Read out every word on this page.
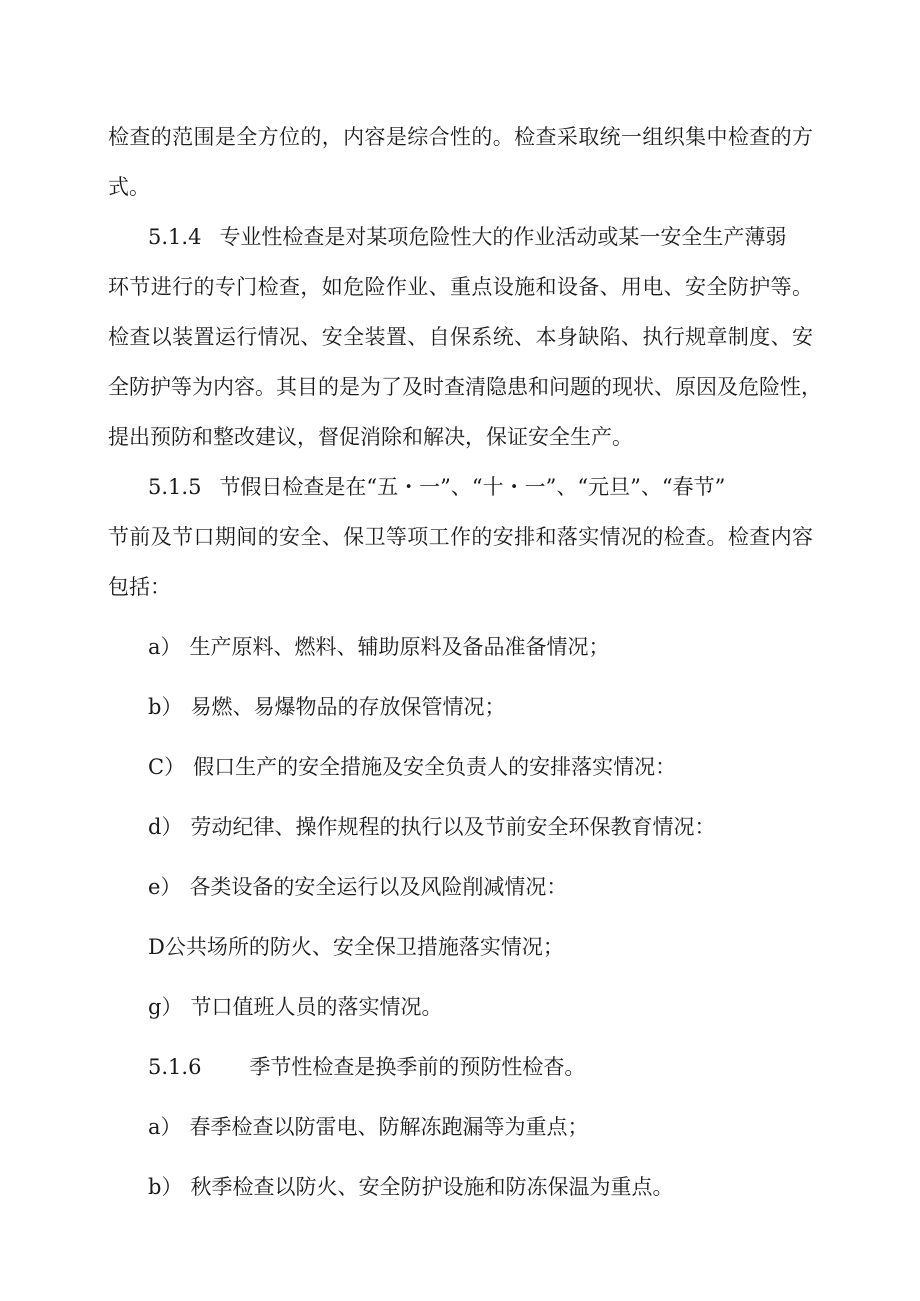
检查的范围是全方位的，内容是综合性的。检查采取统一组织集中检查的方
式。
5.1.4 专业性检查是对某项危险性大的作业活动或某一安全生产薄弱
环节进行的专门检查，如危险作业、重点设施和设备、用电、安全防护等。
检查以装置运行情况、安全装置、自保系统、本身缺陷、执行规章制度、安
全防护等为内容。其目的是为了及时查清隐患和问题的现状、原因及危险性，
提出预防和整改建议，督促消除和解决，保证安全生产。
5.1.5 节假日检查是在“五・一”、“十・一”、“元旦”、“春节”
节前及节口期间的安全、保卫等项工作的安排和落实情况的检查。检查内容
包括：
a） 生产原料、燃料、辅助原料及备品准备情况；
b） 易燃、易爆物品的存放保管情况；
C） 假口生产的安全措施及安全负责人的安排落实情况：
d） 劳动纪律、操作规程的执行以及节前安全环保教育情况：
e） 各类设备的安全运行以及风险削减情况：
D公共场所的防火、安全保卫措施落实情况；
g） 节口值班人员的落实情况。
5.1.6 季节性检查是换季前的预防性检杳。
a） 春季检查以防雷电、防解冻跑漏等为重点；
b） 秋季检查以防火、安全防护设施和防冻保温为重点。
